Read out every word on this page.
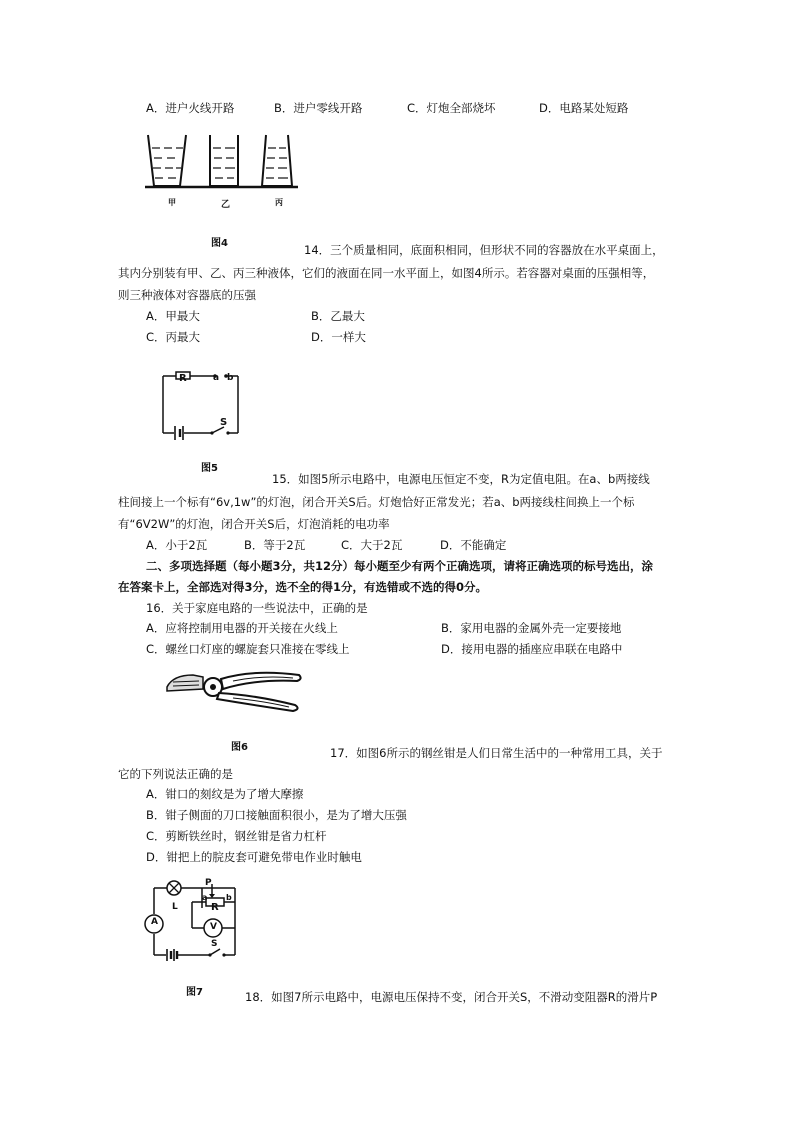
A．进户火线开路	B．进户零线开路	C．灯炮全部烧坏	D．电路某处短路
甲	乙	丙
图4	14．三个质量相同，底面积相同，但形状不同的容器放在水平桌面上，
其内分别装有甲、乙、丙三种液体，它们的液面在同一水平面上，如图4所示。若容器对桌面的压强相等，
则三种液体对容器底的压强
A．甲最大	B．乙最大
C．丙最大	D．一样大
R	a b
S
图5
15．如图5所示电路中，电源电压恒定不变，R为定值电阻。在a、b两接线
柱间接上一个标有“6v,1w”的灯泡，闭合开关S后。灯炮恰好正常发光；若a、b两接线柱间换上一个标
有“6V2W”的灯泡，闭合开关S后，灯泡消耗的电功率
A．小于2瓦	B．等于2瓦	C．大于2瓦	D．不能确定
二、多项选择题（每小题3分，共12分）每小题至少有两个正确选项，请将正确选项的标号选出，涂
在答案卡上，全部选对得3分，选不全的得1分，有选错或不选的得0分。
16．关于家庭电路的一些说法中，正确的是
A．应将控制用电器的开关接在火线上	B．家用电器的金属外壳一定要接地
C．螺丝口灯座的螺旋套只准接在零线上	D．接用电器的插座应串联在电路中
图6	17．如图6所示的钢丝钳是人们日常生活中的一种常用工具，关于
它的下列说法正确的是
A．钳口的刻纹是为了增大摩擦
B．钳子侧面的刀口接触面积很小，是为了增大压强
C．剪断铁丝时，钢丝钳是省力杠杆
D．钳把上的脘皮套可避免带电作业时触电
P
a b
R
L
A	V
S
图7	18．如图7所示电路中，电源电压保持不变，闭合开关S，不滑动变阻器R的滑片P
